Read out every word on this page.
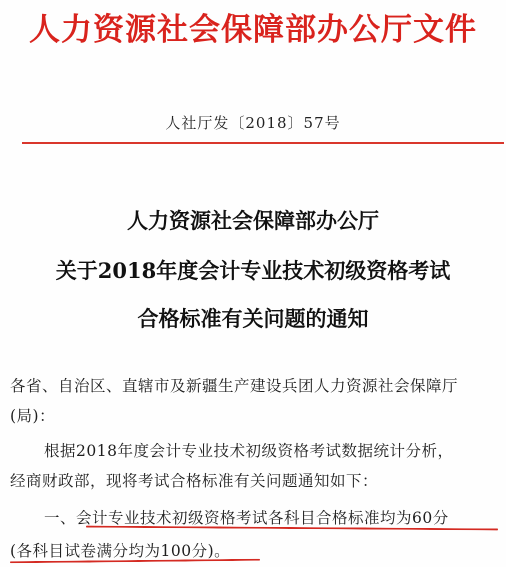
人力资源社会保障部办公厅文件
人社厅发〔2018〕57号
人力资源社会保障部办公厅
关于2018年度会计专业技术初级资格考试
合格标准有关问题的通知
各省、自治区、直辖市及新疆生产建设兵团人力资源社会保障厅
(局)：
根据2018年度会计专业技术初级资格考试数据统计分析，
经商财政部，现将考试合格标准有关问题通知如下：
一、会计专业技术初级资格考试各科目合格标准均为60分
(各科目试卷满分均为100分)。
